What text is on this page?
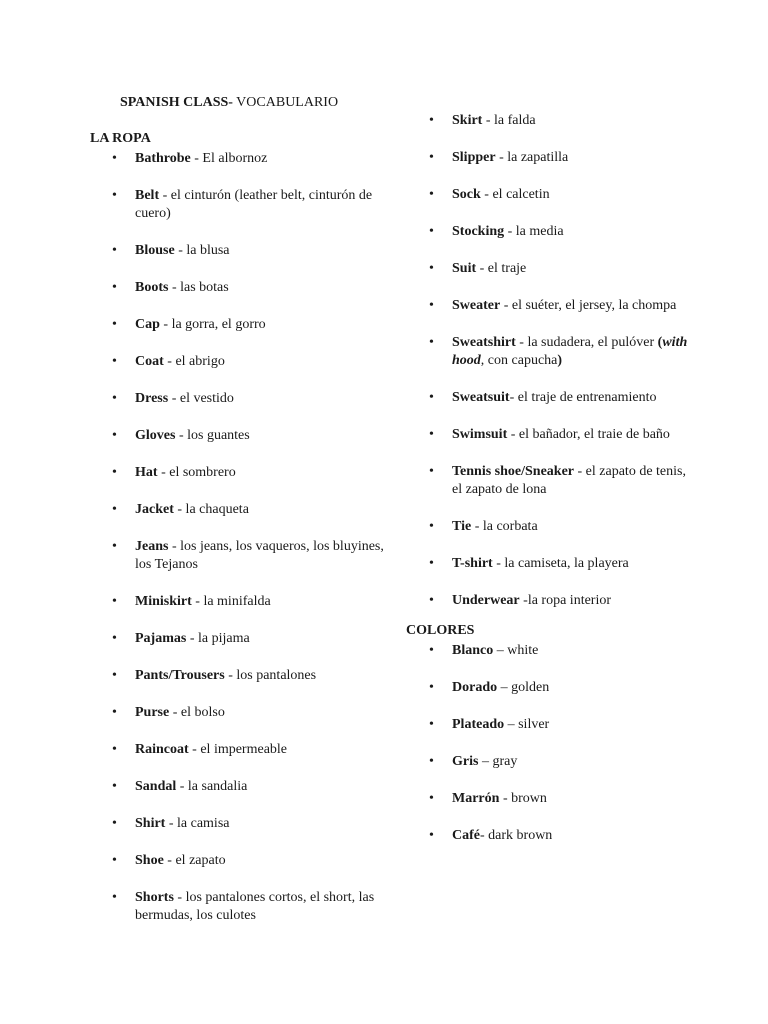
SPANISH CLASS- VOCABULARIO
LA ROPA
• Bathrobe - El albornoz
• Belt - el cinturón (leather belt, cinturón de cuero)
• Blouse - la blusa
• Boots - las botas
• Cap - la gorra, el gorro
• Coat - el abrigo
• Dress - el vestido
• Gloves - los guantes
• Hat - el sombrero
• Jacket - la chaqueta
• Jeans - los jeans, los vaqueros, los bluyines, los Tejanos
• Miniskirt - la minifalda
• Pajamas - la pijama
• Pants/Trousers - los pantalones
• Purse - el bolso
• Raincoat - el impermeable
• Sandal - la sandalia
• Shirt - la camisa
• Shoe - el zapato
• Shorts - los pantalones cortos, el short, las bermudas, los culotes
• Skirt - la falda
• Slipper - la zapatilla
• Sock - el calcetin
• Stocking - la media
• Suit - el traje
• Sweater - el suéter, el jersey, la chompa
• Sweatshirt - la sudadera, el pulóver (with hood, con capucha)
• Sweatsuit- el traje de entrenamiento
• Swimsuit - el bañador, el traie de baño
• Tennis shoe/Sneaker - el zapato de tenis, el zapato de lona
• Tie - la corbata
• T-shirt - la camiseta, la playera
• Underwear -la ropa interior
COLORES
• Blanco – white
• Dorado – golden
• Plateado – silver
• Gris – gray
• Marrón - brown
• Café- dark brown
